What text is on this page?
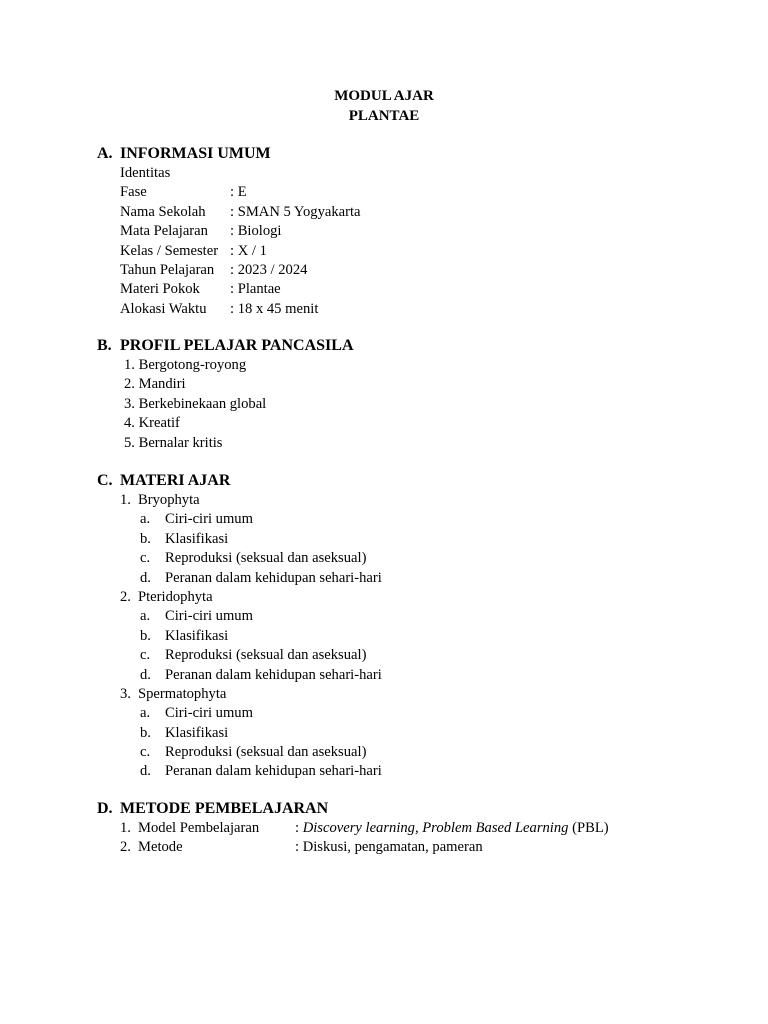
MODUL AJAR
PLANTAE
A. INFORMASI UMUM
Identitas
Fase	: E
Nama Sekolah	: SMAN 5 Yogyakarta
Mata Pelajaran	: Biologi
Kelas / Semester : X / 1
Tahun Pelajaran	: 2023 / 2024
Materi Pokok	: Plantae
Alokasi Waktu	: 18 x 45 menit
B. PROFIL PELAJAR PANCASILA
1. Bergotong-royong
2. Mandiri
3. Berkebinekaan global
4. Kreatif
5. Bernalar kritis
C. MATERI AJAR
1. Bryophyta
a.	Ciri-ciri umum
b. Klasifikasi
c.	Reproduksi (seksual dan aseksual)
d. Peranan dalam kehidupan sehari-hari
2. Pteridophyta
a.	Ciri-ciri umum
b. Klasifikasi
c.	Reproduksi (seksual dan aseksual)
d. Peranan dalam kehidupan sehari-hari
3. Spermatophyta
a.	Ciri-ciri umum
b. Klasifikasi
c.	Reproduksi (seksual dan aseksual)
d. Peranan dalam kehidupan sehari-hari
D. METODE PEMBELAJARAN
1. Model Pembelajaran	: Discovery learning, Problem Based Learning (PBL)
2. Metode	: Diskusi, pengamatan, pameran
